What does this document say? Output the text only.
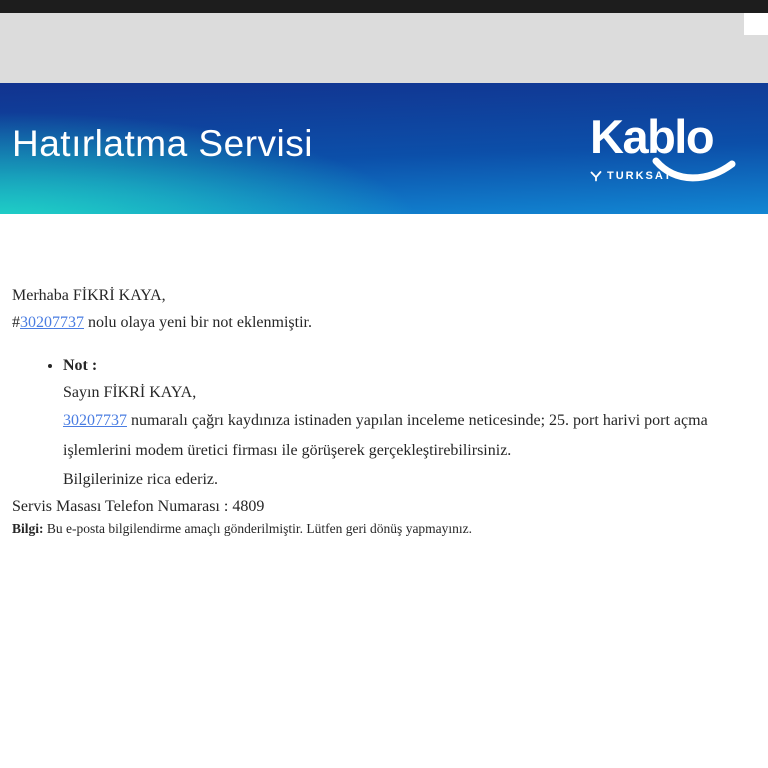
Hatırlatma Servisi	Kablo
TURKSAT

Merhaba FİKRİ KAYA,

#30207737 nolu olaya yeni bir not eklenmiştir.

• Not :

Sayın FİKRİ KAYA,

30207737 numaralı çağrı kaydınıza istinaden yapılan inceleme neticesinde; 25. port harivi port açma işlemlerini modem üretici firması ile görüşerek gerçekleştirebilirsiniz.

Bilgilerinize rica ederiz.

Servis Masası Telefon Numarası : 4809

Bilgi: Bu e-posta bilgilendirme amaçlı gönderilmiştir. Lütfen geri dönüş yapmayınız.
